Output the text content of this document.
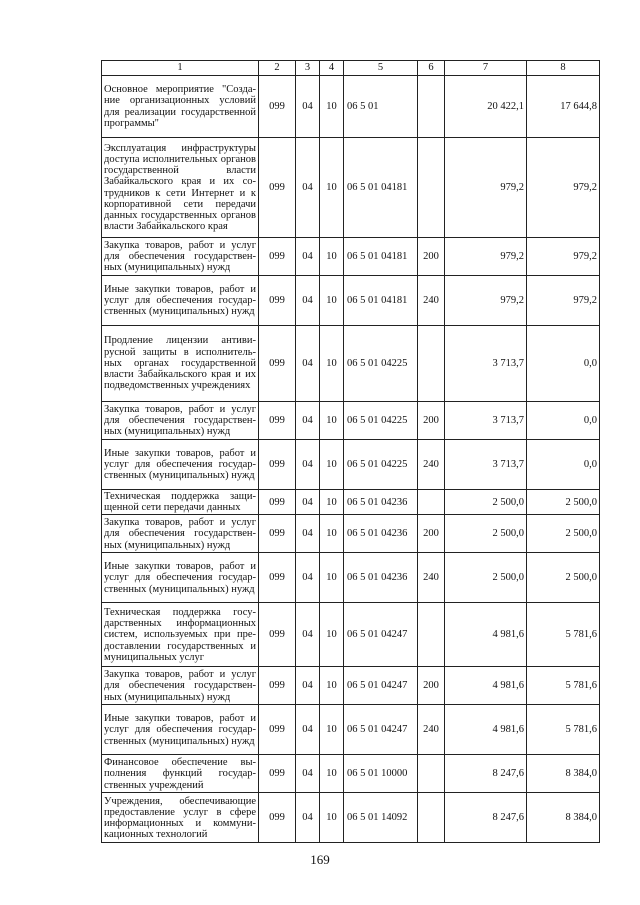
1	2	3	4	5	6	7	8
Основное мероприятие "Создание организационных условий для реализации государственной программы"	099	04	10	06 5 01		20 422,1	17 644,8
Эксплуатация инфраструктуры доступа исполнительных органов государственной власти Забайкальского края и их сотрудников к сети Интернет и к корпоративной сети передачи данных государственных органов власти Забайкальского края	099	04	10	06 5 01 04181		979,2	979,2
Закупка товаров, работ и услуг для обеспечения государственных (муниципальных) нужд	099	04	10	06 5 01 04181	200	979,2	979,2
Иные закупки товаров, работ и услуг для обеспечения государственных (муниципальных) нужд	099	04	10	06 5 01 04181	240	979,2	979,2
Продление лицензии антивирусной защиты в исполнительных органах государственной власти Забайкальского края и их подведомственных учреждениях	099	04	10	06 5 01 04225		3 713,7	0,0
Закупка товаров, работ и услуг для обеспечения государственных (муниципальных) нужд	099	04	10	06 5 01 04225	200	3 713,7	0,0
Иные закупки товаров, работ и услуг для обеспечения государственных (муниципальных) нужд	099	04	10	06 5 01 04225	240	3 713,7	0,0
Техническая поддержка защищенной сети передачи данных	099	04	10	06 5 01 04236		2 500,0	2 500,0
Закупка товаров, работ и услуг для обеспечения государственных (муниципальных) нужд	099	04	10	06 5 01 04236	200	2 500,0	2 500,0
Иные закупки товаров, работ и услуг для обеспечения государственных (муниципальных) нужд	099	04	10	06 5 01 04236	240	2 500,0	2 500,0
Техническая поддержка государственных информационных систем, используемых при предоставлении государственных и муниципальных услуг	099	04	10	06 5 01 04247		4 981,6	5 781,6
Закупка товаров, работ и услуг для обеспечения государственных (муниципальных) нужд	099	04	10	06 5 01 04247	200	4 981,6	5 781,6
Иные закупки товаров, работ и услуг для обеспечения государственных (муниципальных) нужд	099	04	10	06 5 01 04247	240	4 981,6	5 781,6
Финансовое обеспечение выполнения функций государственных учреждений	099	04	10	06 5 01 10000		8 247,6	8 384,0
Учреждения, обеспечивающие предоставление услуг в сфере информационных и коммуникационных технологий	099	04	10	06 5 01 14092		8 247,6	8 384,0
169
